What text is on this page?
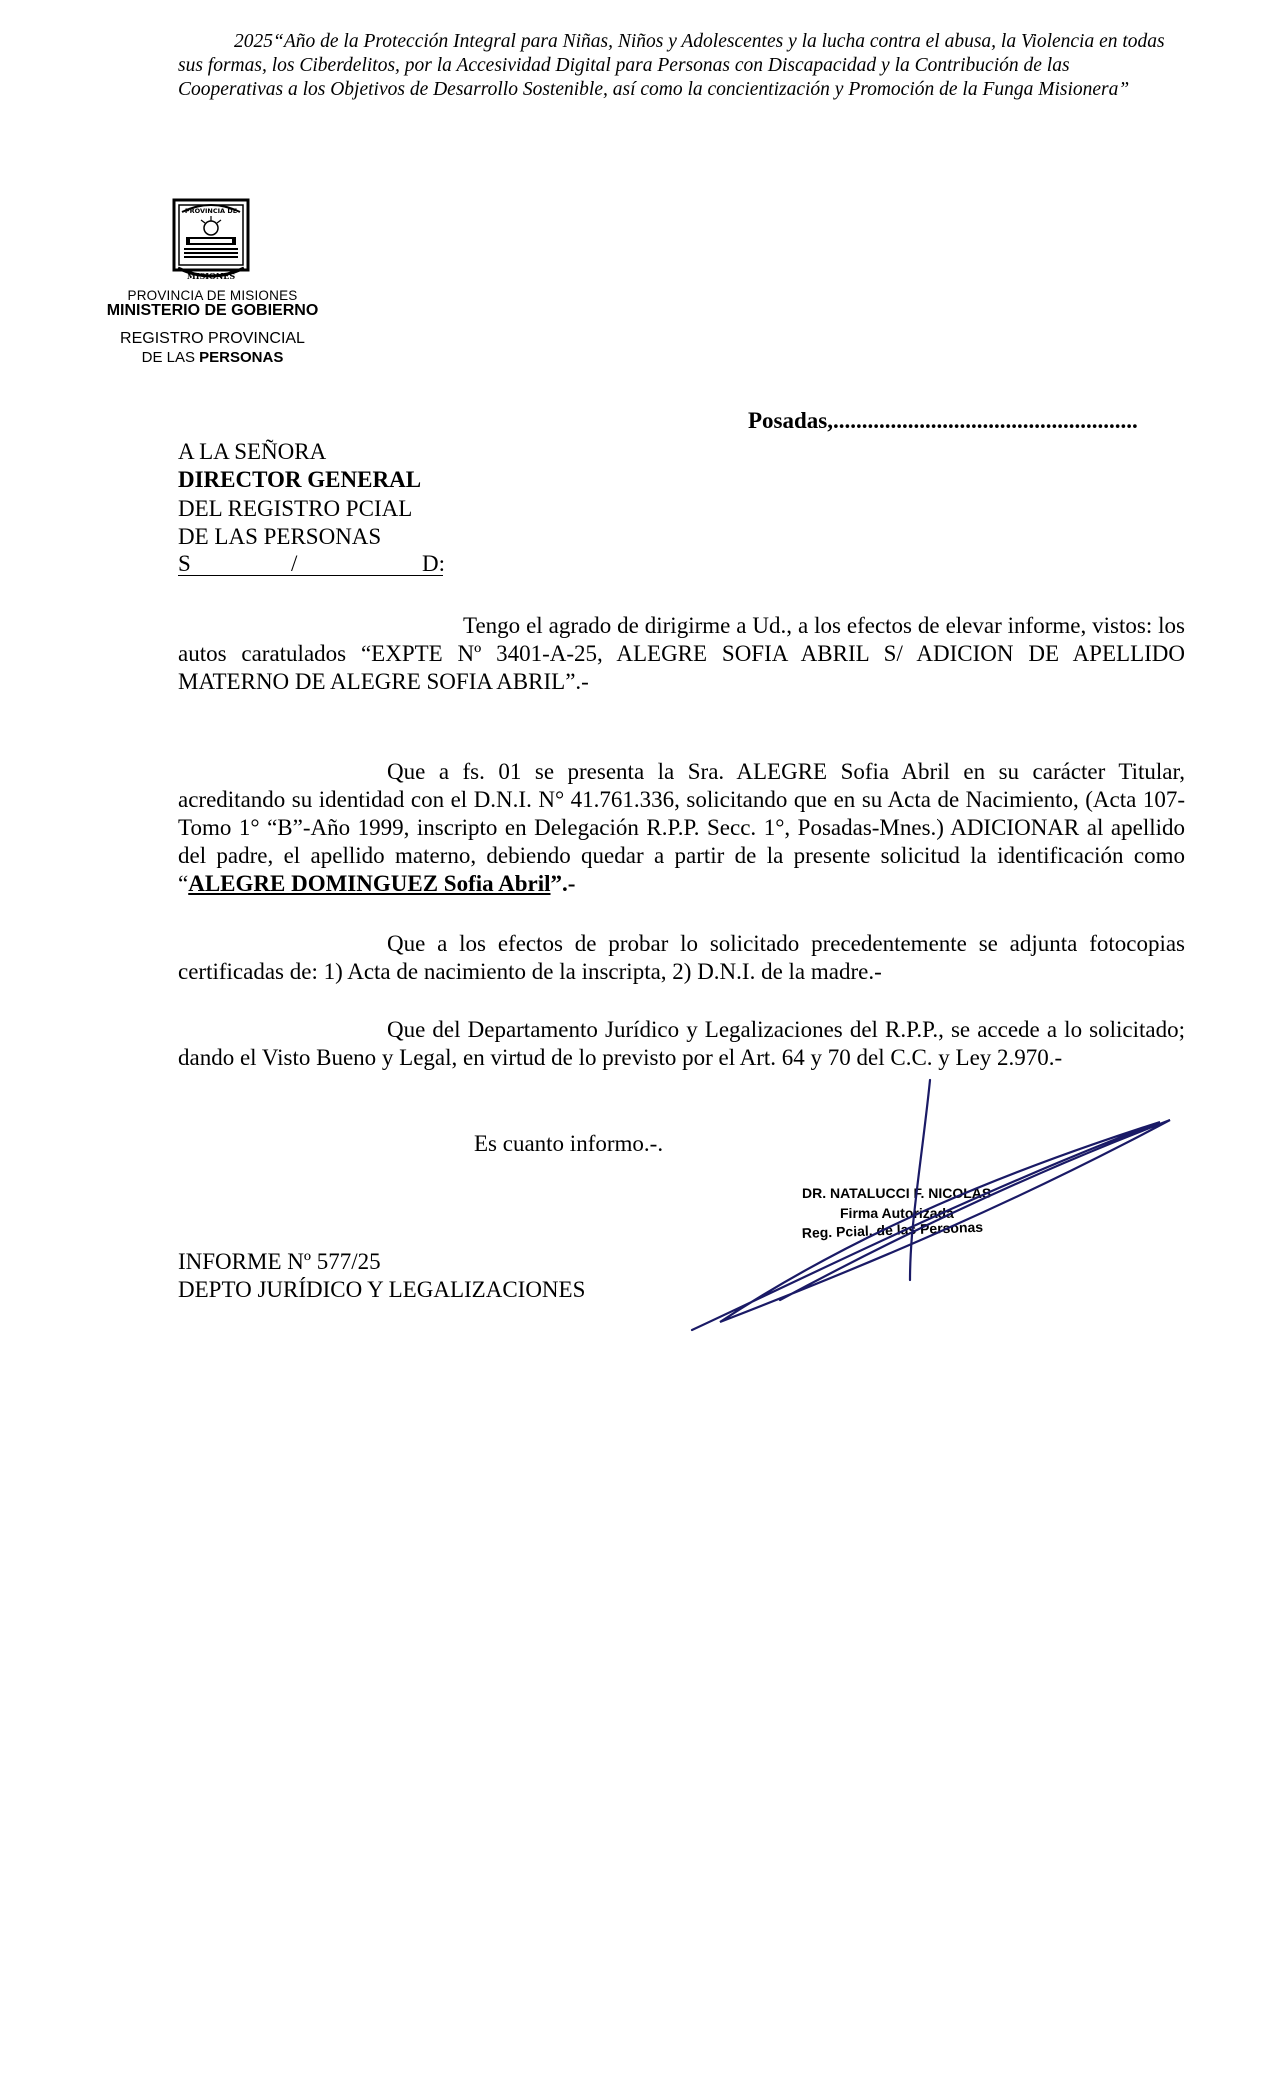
2025“Año de la Protección Integral para Niñas, Niños y Adolescentes y la lucha contra el abusa, la Violencia en todas sus formas, los Ciberdelitos, por la Accesividad Digital para Personas con Discapacidad y la Contribución de las Cooperativas a los Objetivos de Desarrollo Sostenible, así como la concientización y Promoción de la Funga Misionera”
PROVINCIA DE
MISIONES
PROVINCIA DE MISIONES
MINISTERIO DE GOBIERNO
REGISTRO PROVINCIAL
DE LAS PERSONAS
Posadas,.....................................................
A LA SEÑORA
DIRECTOR GENERAL
DEL REGISTRO PCIAL
DE LAS PERSONAS
S	/	D:
Tengo el agrado de dirigirme a Ud., a los efectos de elevar informe, vistos: los autos caratulados “EXPTE Nº 3401-A-25, ALEGRE SOFIA ABRIL S/ ADICION DE APELLIDO MATERNO DE ALEGRE SOFIA ABRIL”.-
Que a fs. 01 se presenta la Sra. ALEGRE Sofia Abril en su carácter Titular, acreditando su identidad con el D.N.I. N° 41.761.336, solicitando que en su Acta de Nacimiento, (Acta 107-Tomo 1° “B”-Año 1999, inscripto en Delegación R.P.P. Secc. 1°, Posadas-Mnes.) ADICIONAR al apellido del padre, el apellido materno, debiendo quedar a partir de la presente solicitud la identificación como “ALEGRE DOMINGUEZ Sofia Abril”.-
Que a los efectos de probar lo solicitado precedentemente se adjunta fotocopias certificadas de: 1) Acta de nacimiento de la inscripta, 2) D.N.I. de la madre.-
Que del Departamento Jurídico y Legalizaciones del R.P.P., se accede a lo solicitado; dando el Visto Bueno y Legal, en virtud de lo previsto por el Art. 64 y 70 del C.C. y Ley 2.970.-
Es cuanto informo.-.
INFORME Nº 577/25
DEPTO JURÍDICO Y LEGALIZACIONES
DR. NATALUCCI F. NICOLAS
Firma Autorizada
Reg. Pcial. de las Personas
